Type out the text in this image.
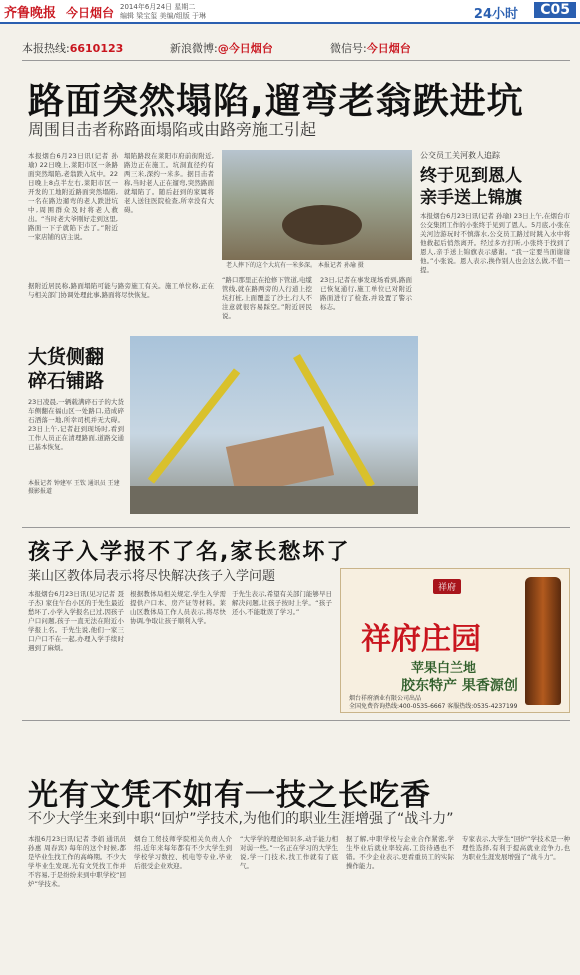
齐鲁晚报 今日烟台 2014年6月24日 星期二
编辑 梁宝玺 美编/组版 于琳	24小时	C05
本报热线:6610123	新浪微博:@今日烟台	微信号:今日烟台
路面突然塌陷,遛弯老翁跌进坑
周围目击者称路面塌陷或由路旁施工引起
本报烟台6月23日讯(记者 孙瑜) 22日晚上,莱阳市区一条路面突然塌陷,老翁跌入坑中。22日晚上8点半左右,莱阳市区一开发的工地附近路面突然塌陷,一名在路边遛弯的老人跌进坑中,周围群众及时将老人救出。“当时老大爷刚好走到这里,路面一下子就陷下去了。”附近一家店铺的店主说。
塌陷路段在莱阳市府前街附近,路边正在施工。坑洞直径约有两三米,深约一米多。据目击者称,当时老人正在遛弯,突然路面就塌陷了。随后赶到的家属将老人送往医院检查,所幸没有大碍。
据附近居民称,路面塌陷可能与路旁施工有关。施工单位称,正在与相关部门协调处理此事,路面将尽快恢复。
老人摔下的这个大坑有一米多深。 本报记者 孙瑜 摄
“路口那里正在抢修下管道,电缆管线,就在路两旁的人行道上挖坑打桩,上面覆盖了沙土,行人不注意就很容易踩空。”附近居民说。
23日,记者在事发现场看到,路面已恢复通行,施工单位已对附近路面进行了检查,并设置了警示标志。
公交员工关河救人追踪
终于见到恩人
亲手送上锦旗
本报烟台6月23日讯(记者 孙瑜) 23日上午,在烟台市公交集团工作的小张终于见到了恩人。5月底,小张在关河边游玩时不慎落水,公交员工路过时跳入水中将他救起后悄然离开。经过多方打听,小张终于找到了恩人,亲手送上锦旗表示感谢。“我一定要当面谢谢他。”小张说。恩人表示,换作别人也会这么做,不值一提。
大货侧翻
碎石铺路
23日凌晨,一辆载满碎石子的大货车侧翻在福山区一处路口,造成碎石洒落一地,所幸司机并无大碍。23日上午,记者赶到现场时,看到工作人员正在清理路面,道路交通已基本恢复。
本报记者 钟建军 王钦 通讯员 王建 摄影报道
孩子入学报不了名,家长愁坏了
莱山区教体局表示将尽快解决孩子入学问题
本报烟台6月23日讯(见习记者 聂子杰) 家住午台小区的于先生最近愁坏了,小学入学报名已过,因孩子户口问题,孩子一直无法在附近小学报上名。于先生说,他们一家三口户口不在一起,办理入学手续时遇到了麻烦。
根据教体局相关规定,学生入学需提供户口本、房产证等材料。莱山区教体局工作人员表示,将尽快协调,争取让孩子顺利入学。
于先生表示,希望有关部门能够早日解决问题,让孩子按时上学。“孩子还小,不能耽误了学习。”
祥府
祥府庄园
苹果白兰地
胶东特产 果香源创
烟台祥府酒业有限公司出品
全国免费咨询热线:400-0535-6667 客服热线:0535-4237199
光有文凭不如有一技之长吃香
不少大学生来到中职“回炉”学技术,为他们的职业生涯增强了“战斗力”
本报6月23日讯(记者 李娟 通讯员 孙惠 周春宾) 每年的这个时候,都是毕业生找工作的高峰期。不少大学毕业生发现,光有文凭找工作并不容易,于是纷纷来到中职学校“回炉”学技术。
烟台工贸技师学院相关负责人介绍,近年来每年都有不少大学生到学校学习数控、机电等专业,毕业后很受企业欢迎。
“大学学的理论知识多,动手能力相对弱一些。”一名正在学习的大学生说,学一门技术,找工作就有了底气。
据了解,中职学校与企业合作紧密,学生毕业后就业率较高,工资待遇也不错。不少企业表示,更看重员工的实际操作能力。
专家表示,大学生“回炉”学技术是一种理性选择,有利于提高就业竞争力,也为职业生涯发展增强了“战斗力”。
